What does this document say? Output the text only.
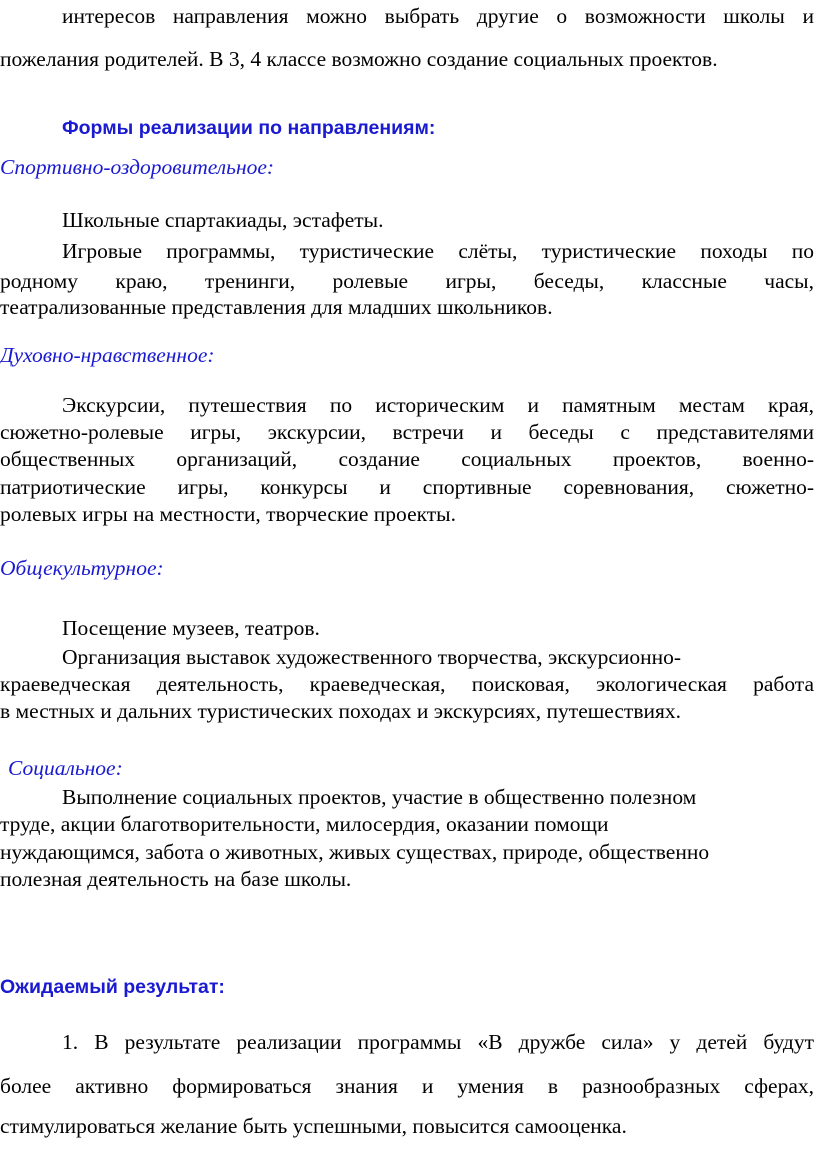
интересов направления можно выбрать другие о возможности школы и
пожелания родителей. В 3, 4 классе возможно создание социальных проектов.
Формы реализации по направлениям:
Спортивно-оздоровительное:
Школьные спартакиады, эстафеты.
Игровые программы, туристические слёты, туристические походы по
родному краю, тренинги, ролевые игры, беседы, классные часы,
театрализованные представления для младших школьников.
Духовно-нравственное:
Экскурсии, путешествия по историческим и памятным местам края,
сюжетно-ролевые игры, экскурсии, встречи и беседы с представителями
общественных организаций, создание социальных проектов, военно-
патриотические игры, конкурсы и спортивные соревнования, сюжетно-
ролевых игры на местности, творческие проекты.
Общекультурное:
Посещение музеев, театров.
Организация выставок художественного творчества, экскурсионно-
краеведческая деятельность, краеведческая, поисковая, экологическая работа
в местных и дальних туристических походах и экскурсиях, путешествиях.
Социальное:
Выполнение социальных проектов, участие в общественно полезном
труде, акции благотворительности, милосердия, оказании помощи
нуждающимся, забота о животных, живых существах, природе, общественно
полезная деятельность на базе школы.
Ожидаемый результат:
1. В результате реализации программы «В дружбе сила» у детей будут
более активно формироваться знания и умения в разнообразных сферах,
стимулироваться желание быть успешными, повысится самооценка.
